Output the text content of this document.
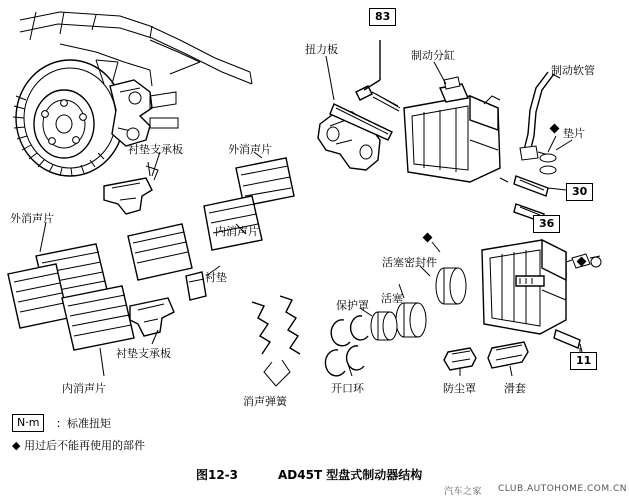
衬垫支承板	外消声片
外消声片
内消声片
衬垫
衬垫支承板
内消声片
消声弹簧
扭力板	制动分缸
制动软管
垫片
活塞密封件
保护罩
活塞
开口环	防尘罩	滑套
83
30
36
11
N·m	：标准扭矩
◆ 用过后不能再使用的部件
图12-3	AD45T 型盘式制动器结构
汽车之家 CLUB.AUTOHOME.COM.CN
